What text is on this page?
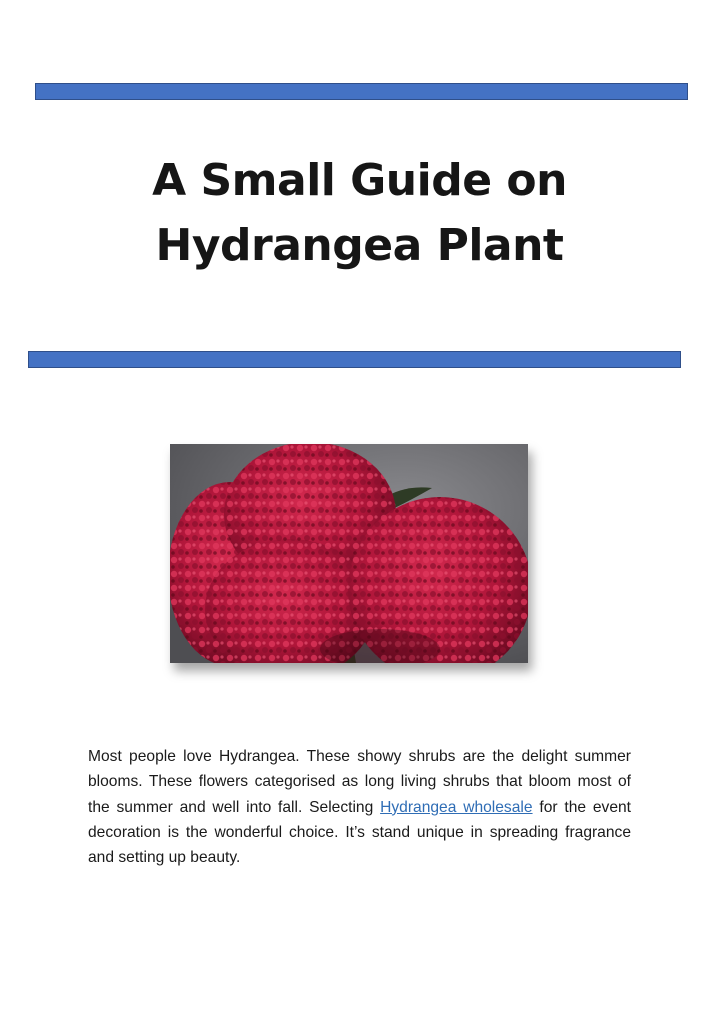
A Small Guide on
Hydrangea Plant

Most people love Hydrangea. These showy shrubs are the delight summer blooms. These flowers categorised as long living shrubs that bloom most of the summer and well into fall. Selecting Hydrangea wholesale for the event decoration is the wonderful choice. It’s stand unique in spreading fragrance and setting up beauty.
